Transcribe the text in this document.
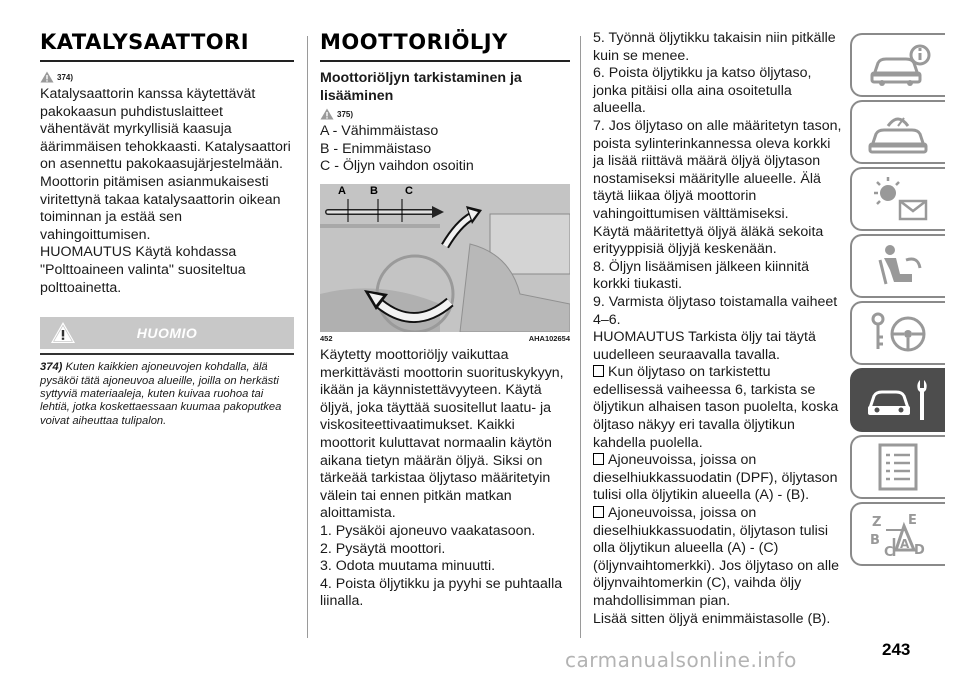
KATALYSAATTORI
374)

Katalysaattorin kanssa käytettävät pakokaasun puhdistuslaitteet vähentävät myrkyllisiä kaasuja äärimmäisen tehokkaasti. Katalysaattori on asennettu pakokaasujärjestelmään.

Moottorin pitämisen asianmukaisesti viritettynä takaa katalysaattorin oikean toiminnan ja estää sen vahingoittumisen.

HUOMAUTUS Käytä kohdassa "Polttoaineen valinta" suositeltua polttoainetta.

HUOMIO

374) Kuten kaikkien ajoneuvojen kohdalla, älä pysäköi tätä ajoneuvoa alueille, joilla on herkästi syttyviä materiaaleja, kuten kuivaa ruohoa tai lehtiä, jotka koskettaessaan kuumaa pakoputkea voivat aiheuttaa tulipalon.

MOOTTORIÖLJY

Moottoriöljyn tarkistaminen ja lisääminen

375)

A - Vähimmäistaso

B - Enimmäistaso

C - Öljyn vaihdon osoitin

A B C
452	AHA102654

Käytetty moottoriöljy vaikuttaa merkittävästi moottorin suorituskykyyn, ikään ja käynnistettävyyteen. Käytä öljyä, joka täyttää suositellut laatu- ja viskositeettivaatimukset. Kaikki moottorit kuluttavat normaalin käytön aikana tietyn määrän öljyä. Siksi on tärkeää tarkistaa öljytaso määritetyin välein tai ennen pitkän matkan aloittamista.

1. Pysäköi ajoneuvo vaakatasoon.

2. Pysäytä moottori.

3. Odota muutama minuutti.

4. Poista öljytikku ja pyyhi se puhtaalla liinalla.

5. Työnnä öljytikku takaisin niin pitkälle kuin se menee.

6. Poista öljytikku ja katso öljytaso, jonka pitäisi olla aina osoitetulla alueella.

7. Jos öljytaso on alle määritetyn tason, poista sylinterinkannessa oleva korkki ja lisää riittävä määrä öljyä öljytason nostamiseksi määritylle alueelle. Älä täytä liikaa öljyä moottorin vahingoittumisen välttämiseksi.

Käytä määritettyä öljyä äläkä sekoita erityyppisiä öljyjä keskenään.

8. Öljyn lisäämisen jälkeen kiinnitä korkki tiukasti.

9. Varmista öljytaso toistamalla vaiheet 4–6.

HUOMAUTUS Tarkista öljy tai täytä uudelleen seuraavalla tavalla.

Kun öljytaso on tarkistettu edellisessä vaiheessa 6, tarkista se öljytikun alhaisen tason puolelta, koska öljtaso näkyy eri tavalla öljytikun kahdella puolella.

Ajoneuvoissa, joissa on dieselhiukkassuodatin (DPF), öljytason tulisi olla öljytikin alueella (A) - (B).

Ajoneuvoissa, joissa on dieselhiukkassuodatin, öljytason tulisi olla öljytikun alueella (A) - (C) (öljynvaihtomerkki). Jos öljytaso on alle öljynvaihtomerkin (C), vaihda öljy mahdollisimman pian.

Lisää sitten öljyä enimmäistasolle (B).

Z E
B
C D
A
243
carmanualsonline.info
